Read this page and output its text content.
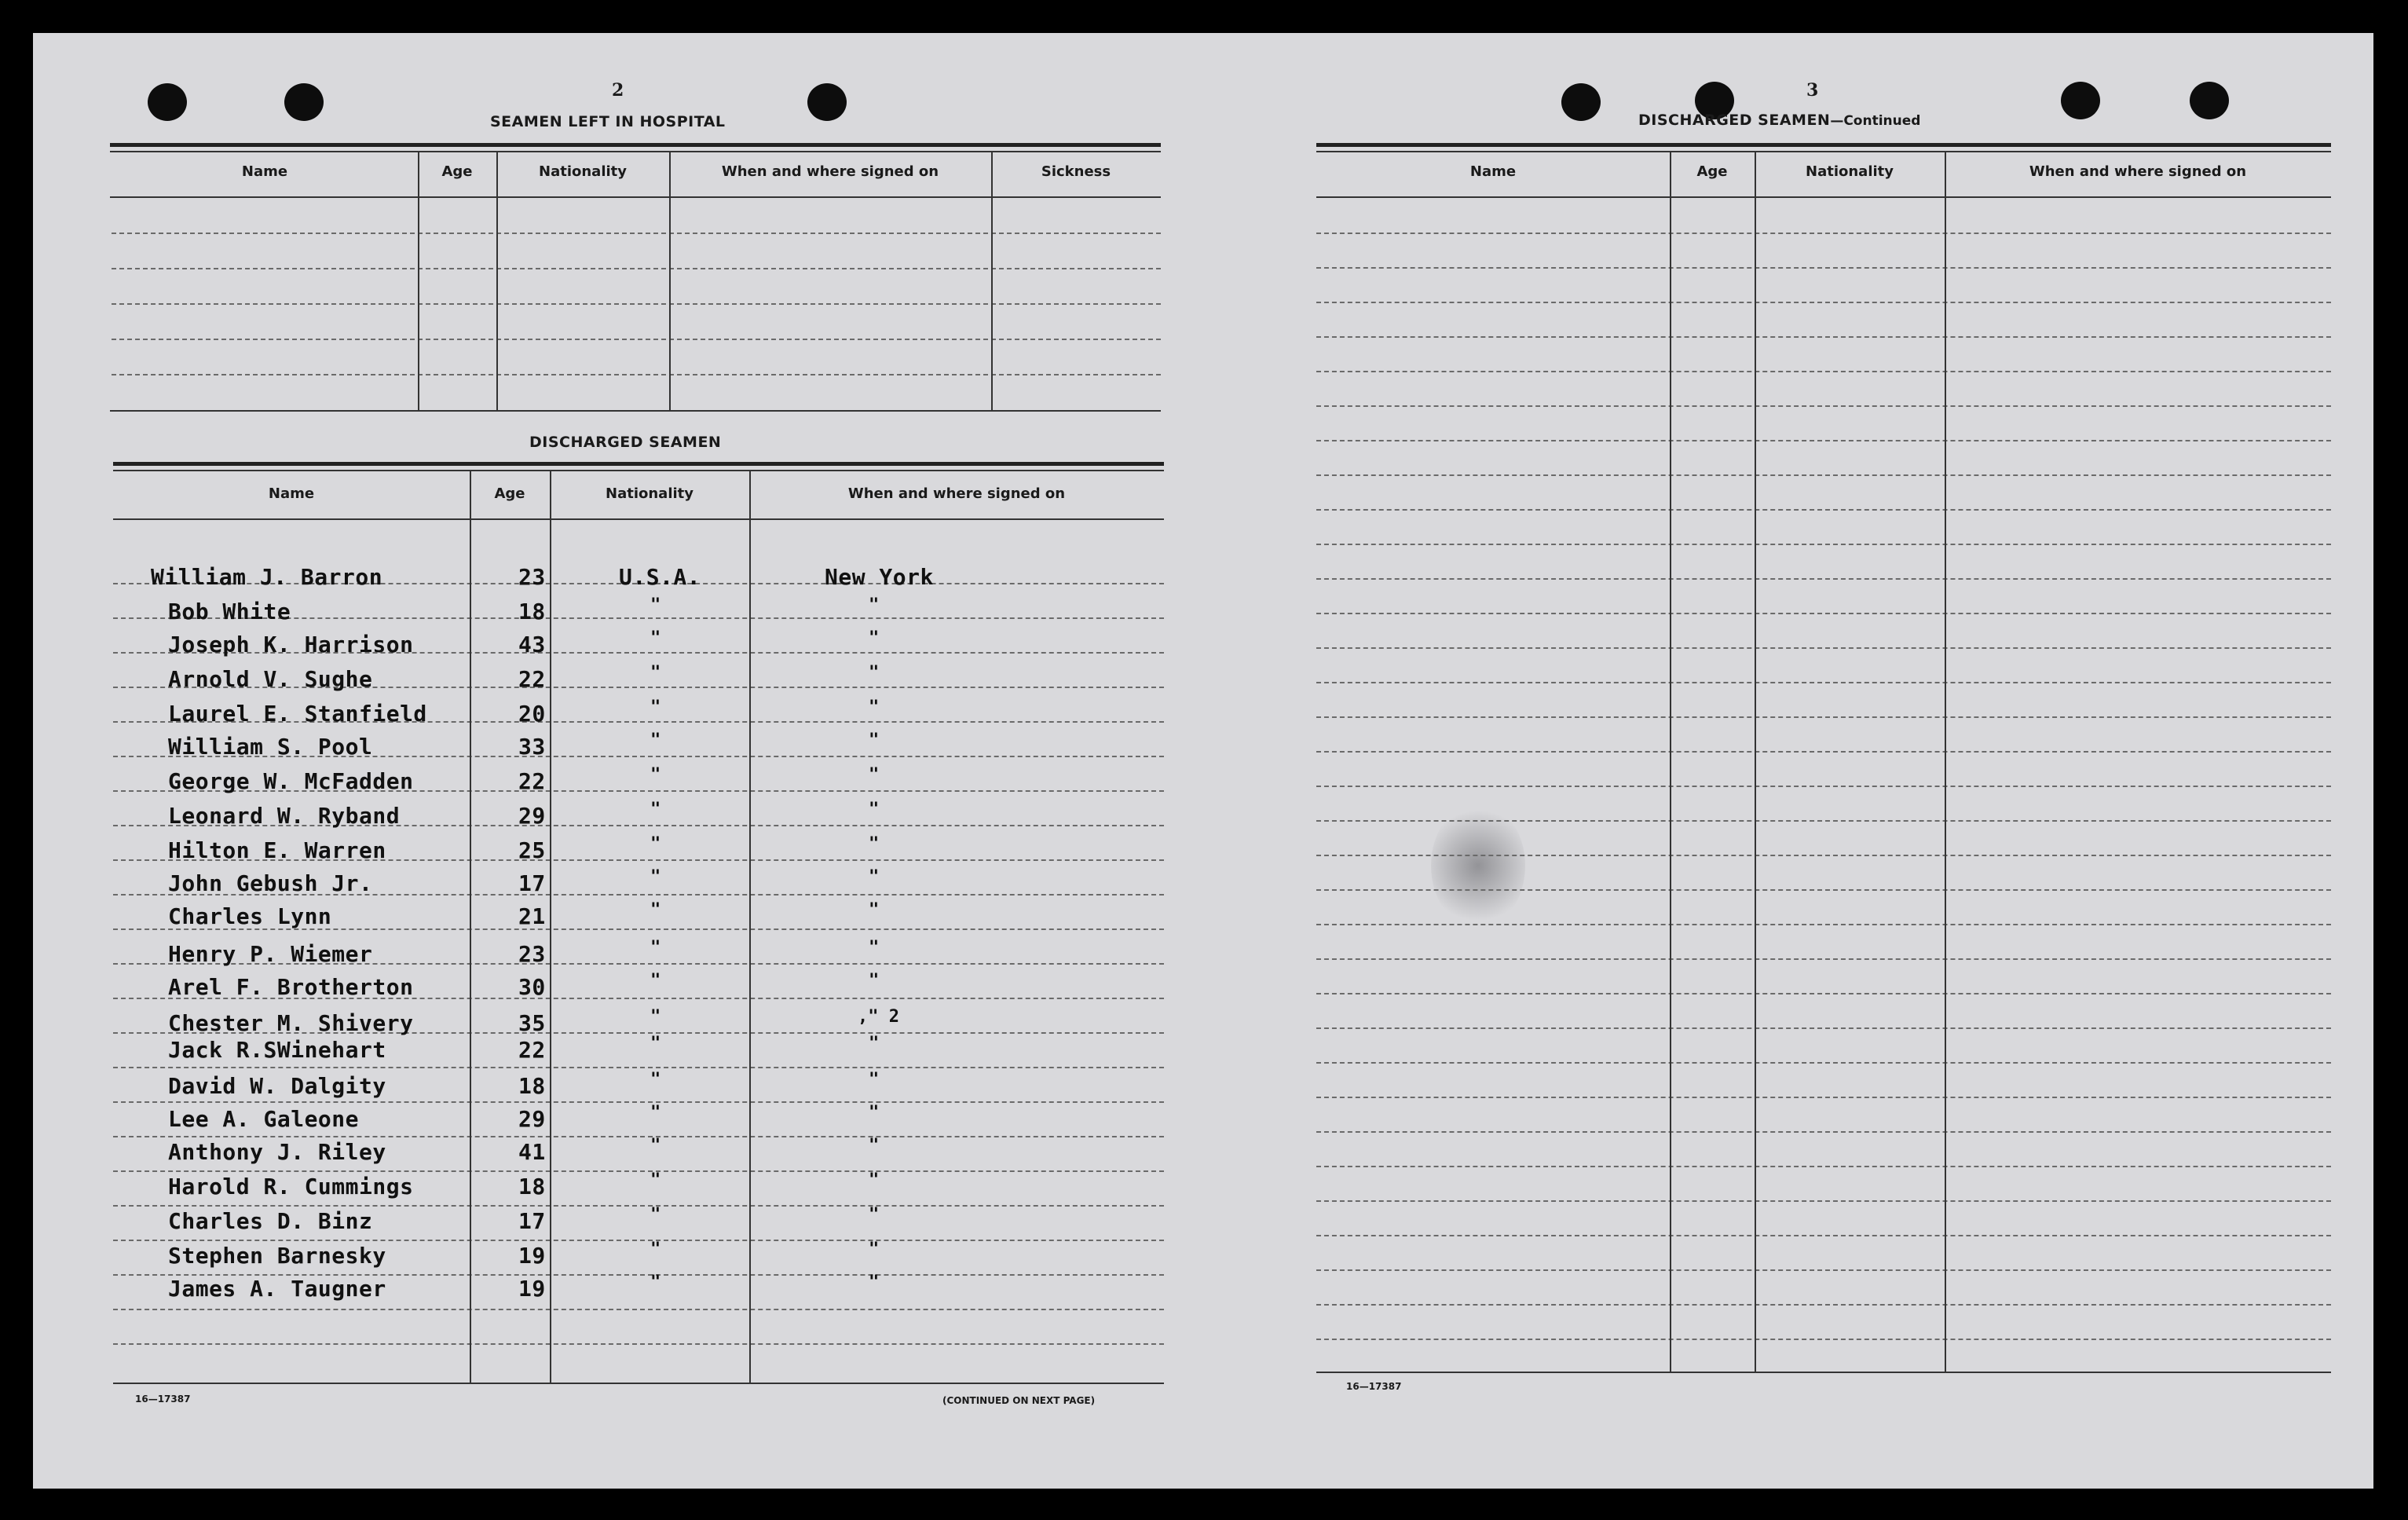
2
SEAMEN LEFT IN HOSPITAL
Name	Age	Nationality	When and where signed on	Sickness
DISCHARGED SEAMEN
Name	Age	Nationality	When and where signed on
William J. Barron	23	U.S.A.	New York
Bob White	18	"	"
Joseph K. Harrison	43	"	"
Arnold V. Sughe	22	"	"
Laurel E. Stanfield	20	"	"
William S. Pool	33	"	"
George W. McFadden	22	"	"
Leonard W. Ryband	29	"	"
Hilton E. Warren	25	"	"
John Gebush Jr.	17	"	"
Charles Lynn	21	"	"
Henry P. Wiemer	23	"	"
Arel F. Brotherton	30	"	"
Chester M. Shivery	35	"	," 2
Jack R.SWinehart	22	"	"
David W. Dalgity	18	"	"
Lee A. Galeone	29	"	"
Anthony J. Riley	41	"	"
Harold R. Cummings	18	"	"
Charles D. Binz	17	"	"
Stephen Barnesky	19	"	"
James A. Taugner	19	"	"
16—17387	(CONTINUED ON NEXT PAGE)
3
DISCHARGED SEAMEN—Continued
Name	Age	Nationality	When and where signed on
16—17387
